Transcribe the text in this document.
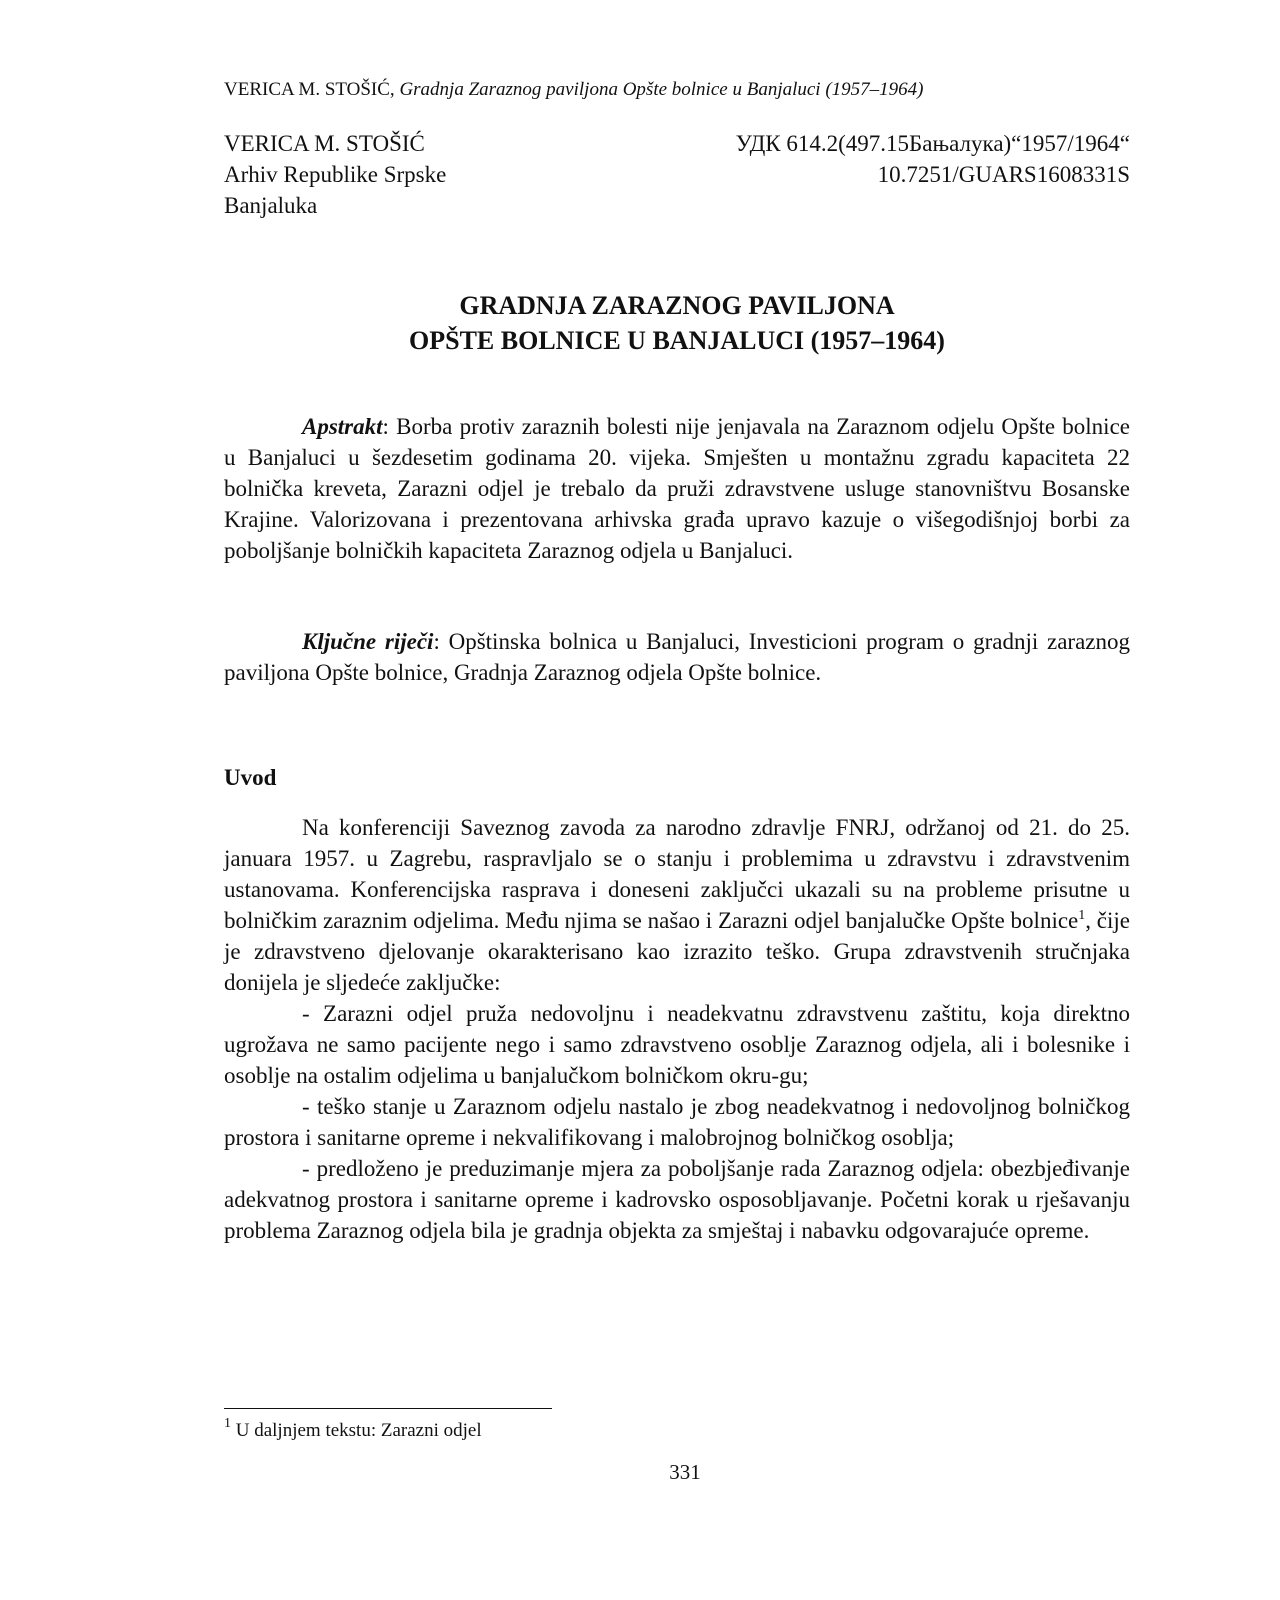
VERICA M. STOŠIĆ, Gradnja Zaraznog paviljona Opšte bolnice u Banjaluci (1957–1964)
VERICA M. STOŠIĆ
Arhiv Republike Srpske
Banjaluka
УДК 614.2(497.15Бањалука)“1957/1964“
10.7251/GUARS1608331S
GRADNJA ZARAZNOG PAVILJONA
OPŠTE BOLNICE U BANJALUCI (1957–1964)

Apstrakt: Borba protiv zaraznih bolesti nije jenjavala na Zaraznom odjelu Opšte bolnice u Banjaluci u šezdesetim godinama 20. vijeka. Smješten u montažnu zgradu kapaciteta 22 bolnička kreveta, Zarazni odjel je trebalo da pruži zdravstvene usluge stanovništvu Bosanske Krajine. Valorizovana i prezentovana arhivska građa upravo kazuje o višegodišnjoj borbi za poboljšanje bolničkih kapaciteta Zaraznog odjela u Banjaluci.

Ključne riječi: Opštinska bolnica u Banjaluci, Investicioni program o gradnji zaraznog paviljona Opšte bolnice, Gradnja Zaraznog odjela Opšte bolnice.

Uvod

Na konferenciji Saveznog zavoda za narodno zdravlje FNRJ, održanoj od 21. do 25. januara 1957. u Zagrebu, raspravljalo se o stanju i problemima u zdravstvu i zdravstvenim ustanovama. Konferencijska rasprava i doneseni zaključci ukazali su na probleme prisutne u bolničkim zaraznim odjelima. Među njima se našao i Zarazni odjel banjalučke Opšte bolnice$^1$, čije je zdravstveno djelovanje okarakterisano kao izrazito teško. Grupa zdravstvenih stručnjaka donijela je sljedeće zaključke:

- Zarazni odjel pruža nedovoljnu i neadekvatnu zdravstvenu zaštitu, koja direktno ugrožava ne samo pacijente nego i samo zdravstveno osoblje Zaraznog odjela, ali i bolesnike i osoblje na ostalim odjelima u banjalučkom bolničkom okru-gu;

- teško stanje u Zaraznom odjelu nastalo je zbog neadekvatnog i nedovoljnog bolničkog prostora i sanitarne opreme i nekvalifikovang i malobrojnog bolničkog osoblja;

- predloženo je preduzimanje mjera za poboljšanje rada Zaraznog odjela: obezbjeđivanje adekvatnog prostora i sanitarne opreme i kadrovsko osposobljavanje. Početni korak u rješavanju problema Zaraznog odjela bila je gradnja objekta za smještaj i nabavku odgovarajuće opreme.

$^1$ U daljnjem tekstu: Zarazni odjel
331
